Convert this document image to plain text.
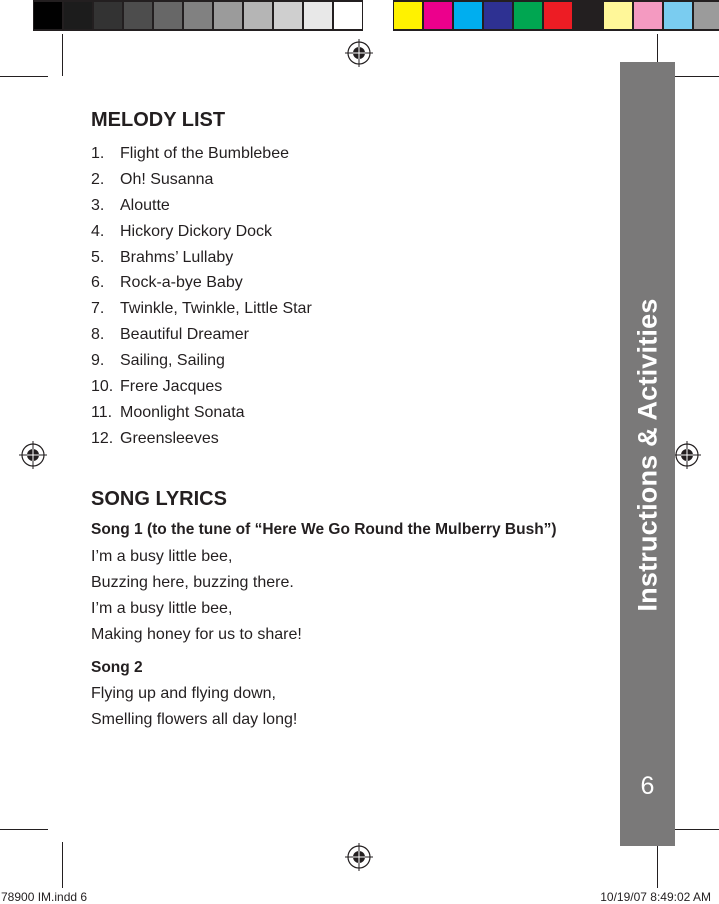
Instructions & Activities
6
MELODY LIST
1. Flight of the Bumblebee
2. Oh! Susanna
3. Aloutte
4. Hickory Dickory Dock
5. Brahms’ Lullaby
6. Rock-a-bye Baby
7. Twinkle, Twinkle, Little Star
8. Beautiful Dreamer
9. Sailing, Sailing
10. Frere Jacques
11. Moonlight Sonata
12. Greensleeves
SONG LYRICS

Song 1 (to the tune of “Here We Go Round the Mulberry Bush”)

I’m a busy little bee,
Buzzing here, buzzing there.
I’m a busy little bee,
Making honey for us to share!

Song 2

Flying up and flying down,
Smelling flowers all day long!
78900 IM.indd 6	10/19/07 8:49:02 AM
